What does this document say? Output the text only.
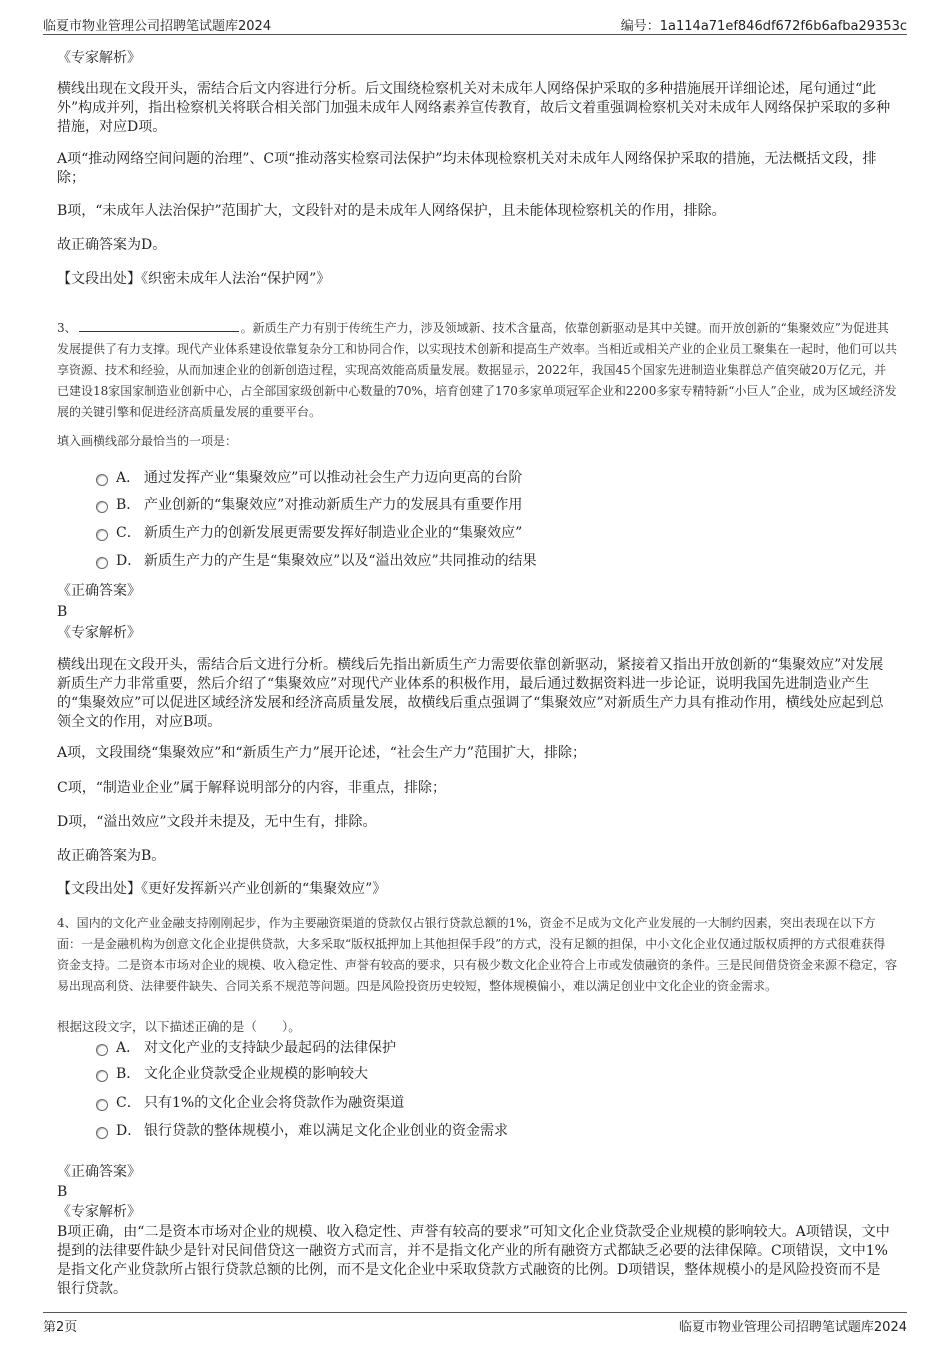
临夏市物业管理公司招聘笔试题库2024	编号：1a114a71ef846df672f6b6afba29353c
《专家解析》
横线出现在文段开头，需结合后文内容进行分析。后文围绕检察机关对未成年人网络保护采取的多种措施展开详细论述，尾句通过“此外”构成并列，指出检察机关将联合相关部门加强未成年人网络素养宣传教育，故后文着重强调检察机关对未成年人网络保护采取的多种措施，对应D项。
A项“推动网络空间问题的治理”、C项“推动落实检察司法保护”均未体现检察机关对未成年人网络保护采取的措施，无法概括文段，排除；
B项，“未成年人法治保护”范围扩大，文段针对的是未成年人网络保护，且未能体现检察机关的作用，排除。
故正确答案为D。
【文段出处】《织密未成年人法治“保护网”》
3、	。新质生产力有别于传统生产力，涉及领域新、技术含量高，依靠创新驱动是其中关键。而开放创新的“集聚效应”为促进其发展提供了有力支撑。现代产业体系建设依靠复杂分工和协同合作，以实现技术创新和提高生产效率。当相近或相关产业的企业员工聚集在一起时，他们可以共享资源、技术和经验，从而加速企业的创新创造过程，实现高效能高质量发展。数据显示，2022年，我国45个国家先进制造业集群总产值突破20万亿元，并已建设18家国家制造业创新中心，占全部国家级创新中心数量的70%，培育创建了170多家单项冠军企业和2200多家专精特新“小巨人”企业，成为区域经济发展的关键引擎和促进经济高质量发展的重要平台。
填入画横线部分最恰当的一项是：
A． 通过发挥产业“集聚效应”可以推动社会生产力迈向更高的台阶
B． 产业创新的“集聚效应”对推动新质生产力的发展具有重要作用
C． 新质生产力的创新发展更需要发挥好制造业企业的“集聚效应”
D． 新质生产力的产生是“集聚效应”以及“溢出效应”共同推动的结果
《正确答案》
B
《专家解析》
横线出现在文段开头，需结合后文进行分析。横线后先指出新质生产力需要依靠创新驱动，紧接着又指出开放创新的“集聚效应”对发展新质生产力非常重要，然后介绍了“集聚效应”对现代产业体系的积极作用，最后通过数据资料进一步论证，说明我国先进制造业产生的“集聚效应”可以促进区域经济发展和经济高质量发展，故横线后重点强调了“集聚效应”对新质生产力具有推动作用，横线处应起到总领全文的作用，对应B项。
A项，文段围绕“集聚效应”和“新质生产力”展开论述，“社会生产力”范围扩大，排除；
C项，“制造业企业”属于解释说明部分的内容，非重点，排除；
D项，“溢出效应”文段并未提及，无中生有，排除。
故正确答案为B。
【文段出处】《更好发挥新兴产业创新的“集聚效应”》
4、国内的文化产业金融支持刚刚起步，作为主要融资渠道的贷款仅占银行贷款总额的1%，资金不足成为文化产业发展的一大制约因素，突出表现在以下方面：一是金融机构为创意文化企业提供贷款，大多采取“版权抵押加上其他担保手段”的方式，没有足额的担保，中小文化企业仅通过版权质押的方式很难获得资金支持。二是资本市场对企业的规模、收入稳定性、声誉有较高的要求，只有极少数文化企业符合上市或发债融资的条件。三是民间借贷资金来源不稳定，容易出现高利贷、法律要件缺失、合同关系不规范等问题。四是风险投资历史较短，整体规模偏小，难以满足创业中文化企业的资金需求。
根据这段文字，以下描述正确的是（　　）。
A． 对文化产业的支持缺少最起码的法律保护
B． 文化企业贷款受企业规模的影响较大
C． 只有1%的文化企业会将贷款作为融资渠道
D． 银行贷款的整体规模小，难以满足文化企业创业的资金需求
《正确答案》
B
《专家解析》
B项正确，由“二是资本市场对企业的规模、收入稳定性、声誉有较高的要求”可知文化企业贷款受企业规模的影响较大。A项错误，文中提到的法律要件缺少是针对民间借贷这一融资方式而言，并不是指文化产业的所有融资方式都缺乏必要的法律保障。C项错误，文中1%是指文化产业贷款所占银行贷款总额的比例，而不是文化企业中采取贷款方式融资的比例。D项错误，整体规模小的是风险投资而不是银行贷款。
第2页	临夏市物业管理公司招聘笔试题库2024
